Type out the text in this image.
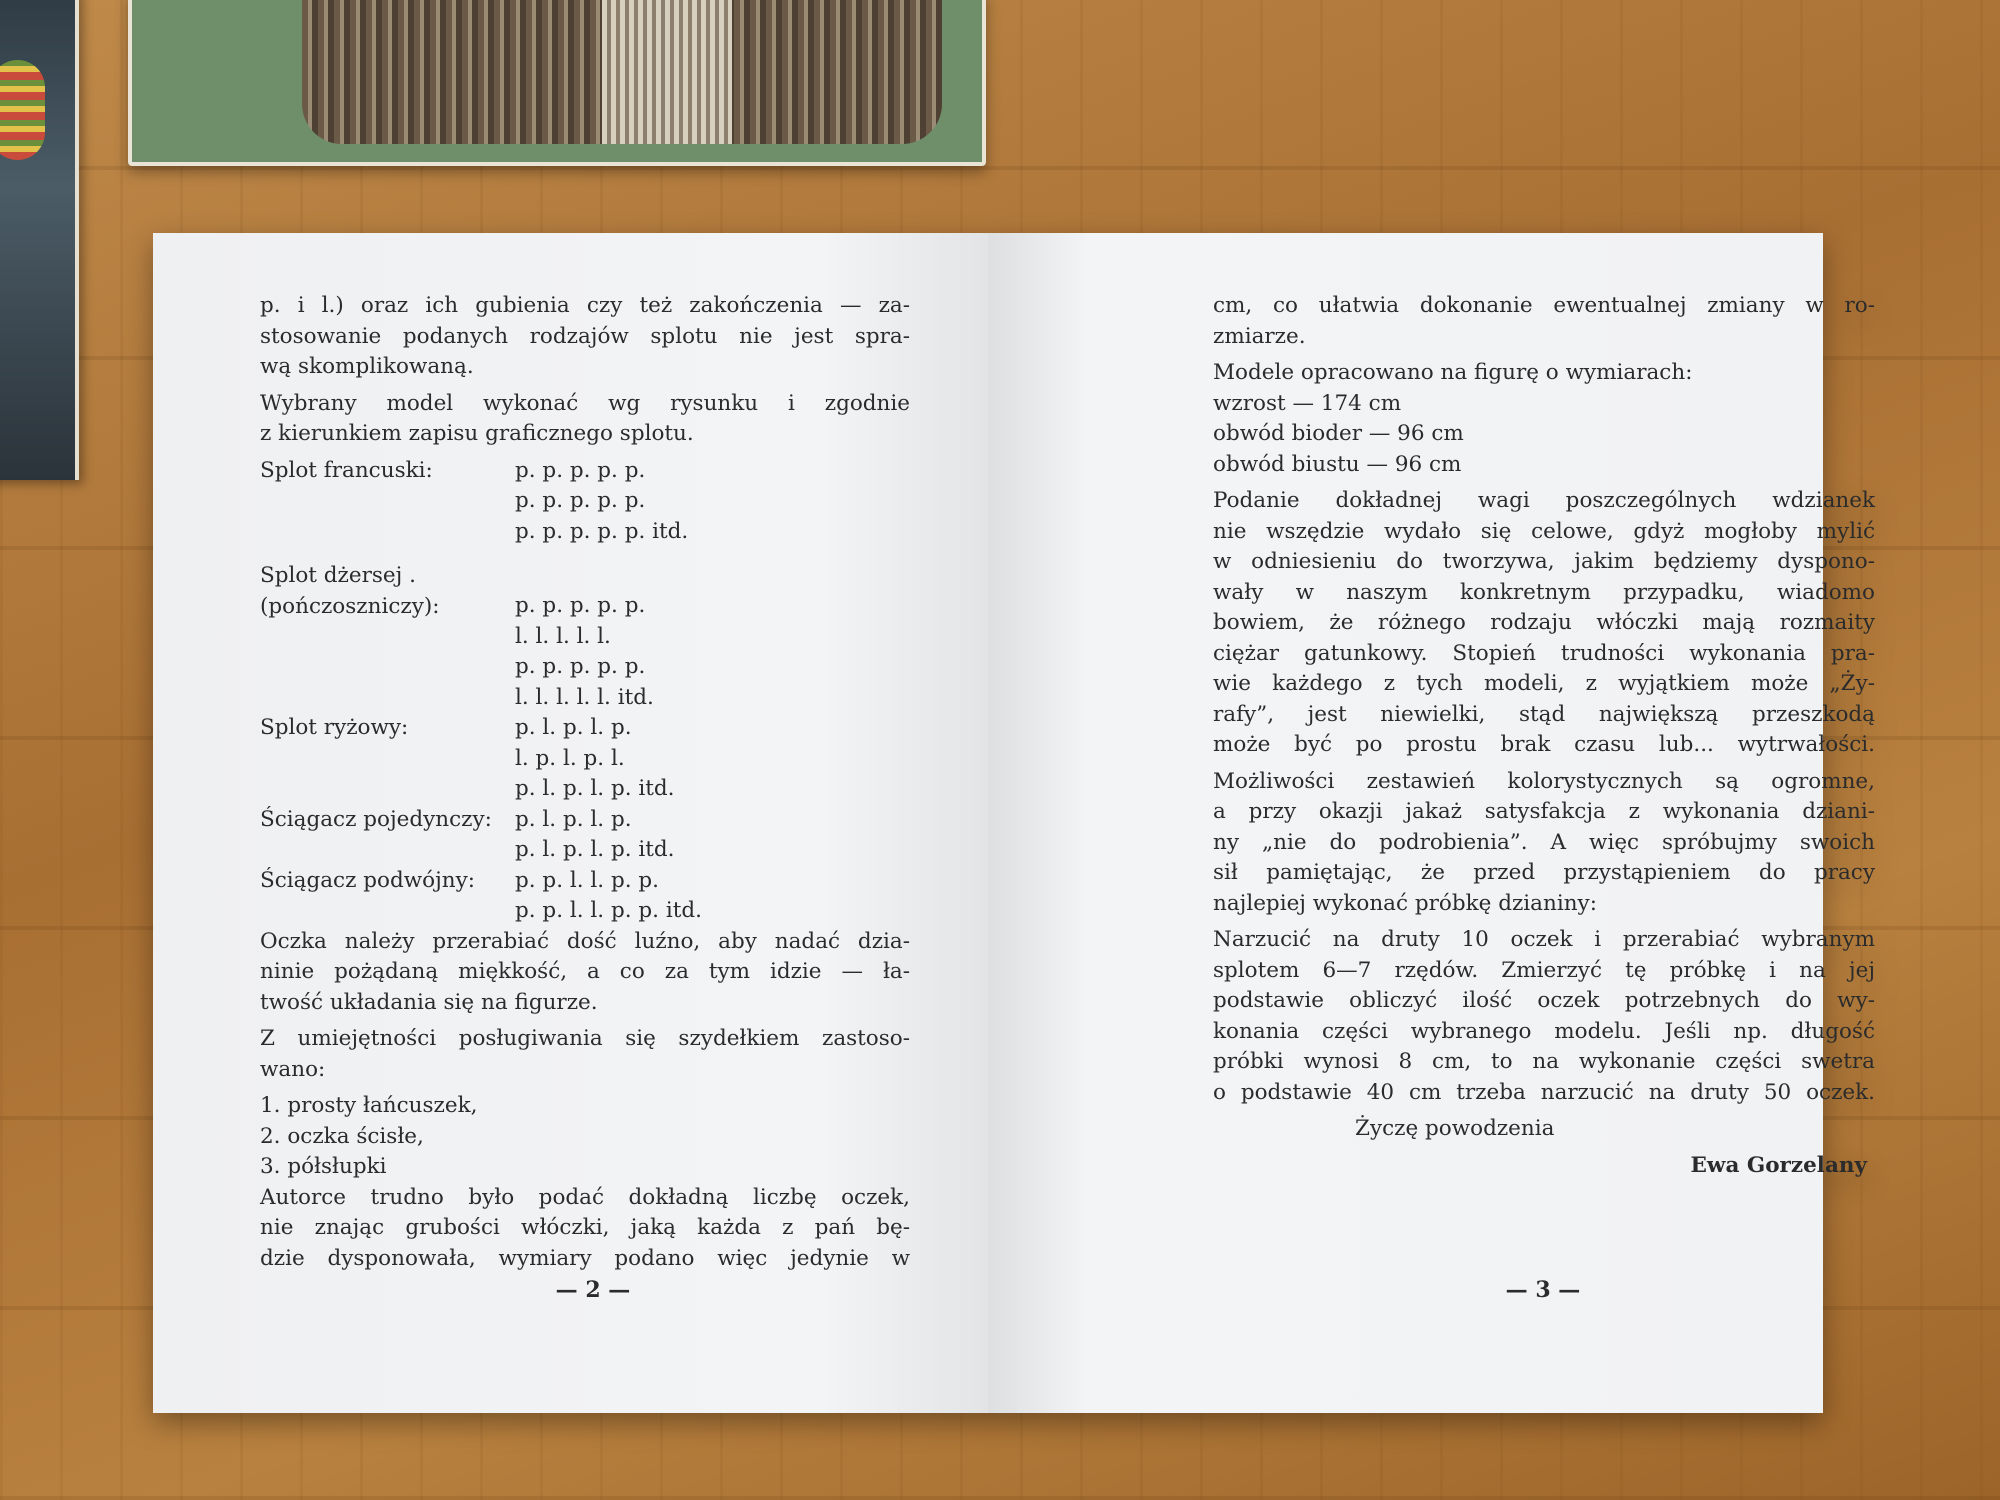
p. i l.) oraz ich gubienia czy też zakończenia — za-
stosowanie podanych rodzajów splotu nie jest spra-
wą skomplikowaną.

Wybrany model wykonać wg rysunku i zgodnie
z kierunkiem zapisu graficznego splotu.

Splot francuski:	p. p. p. p. p.
p. p. p. p. p.
p. p. p. p. p. itd.
Splot dżersej .
(pończoszniczy):	p. p. p. p. p.
l. l. l. l. l.
p. p. p. p. p.
l. l. l. l. l. itd.
Splot ryżowy:	p. l. p. l. p.
l. p. l. p. l.
p. l. p. l. p. itd.
Ściągacz pojedynczy:	p. l. p. l. p.
p. l. p. l. p. itd.
Ściągacz podwójny:	p. p. l. l. p. p.
p. p. l. l. p. p. itd.

Oczka należy przerabiać dość luźno, aby nadać dzia-
ninie pożądaną miękkość, a co za tym idzie — ła-
twość układania się na figurze.

Z umiejętności posługiwania się szydełkiem zastoso-
wano:

1. prosty łańcuszek,
2. oczka ścisłe,
3. półsłupki

Autorce trudno było podać dokładną liczbę oczek,
nie znając grubości włóczki, jaką każda z pań bę-
dzie dysponowała, wymiary podano więc jedynie w

— 2 —

cm, co ułatwia dokonanie ewentualnej zmiany w ro-
zmiarze.

Modele opracowano na figurę o wymiarach:

wzrost — 174 cm
obwód bioder — 96 cm
obwód biustu — 96 cm

Podanie dokładnej wagi poszczególnych wdzianek
nie wszędzie wydało się celowe, gdyż mogłoby mylić
w odniesieniu do tworzywa, jakim będziemy dyspono-
wały w naszym konkretnym przypadku, wiadomo
bowiem, że różnego rodzaju włóczki mają rozmaity
ciężar gatunkowy. Stopień trudności wykonania pra-
wie każdego z tych modeli, z wyjątkiem może „Ży-
rafy”, jest niewielki, stąd największą przeszkodą
może być po prostu brak czasu lub... wytrwałości.

Możliwości zestawień kolorystycznych są ogromne,
a przy okazji jakaż satysfakcja z wykonania dziani-
ny „nie do podrobienia”. A więc spróbujmy swoich
sił pamiętając, że przed przystąpieniem do pracy
najlepiej wykonać próbkę dzianiny:

Narzucić na druty 10 oczek i przerabiać wybranym
splotem 6—7 rzędów. Zmierzyć tę próbkę i na jej
podstawie obliczyć ilość oczek potrzebnych do wy-
konania części wybranego modelu. Jeśli np. długość
próbki wynosi 8 cm, to na wykonanie części swetra
o podstawie 40 cm trzeba narzucić na druty 50 oczek.

Życzę powodzenia
Ewa Gorzelany
— 3 —
